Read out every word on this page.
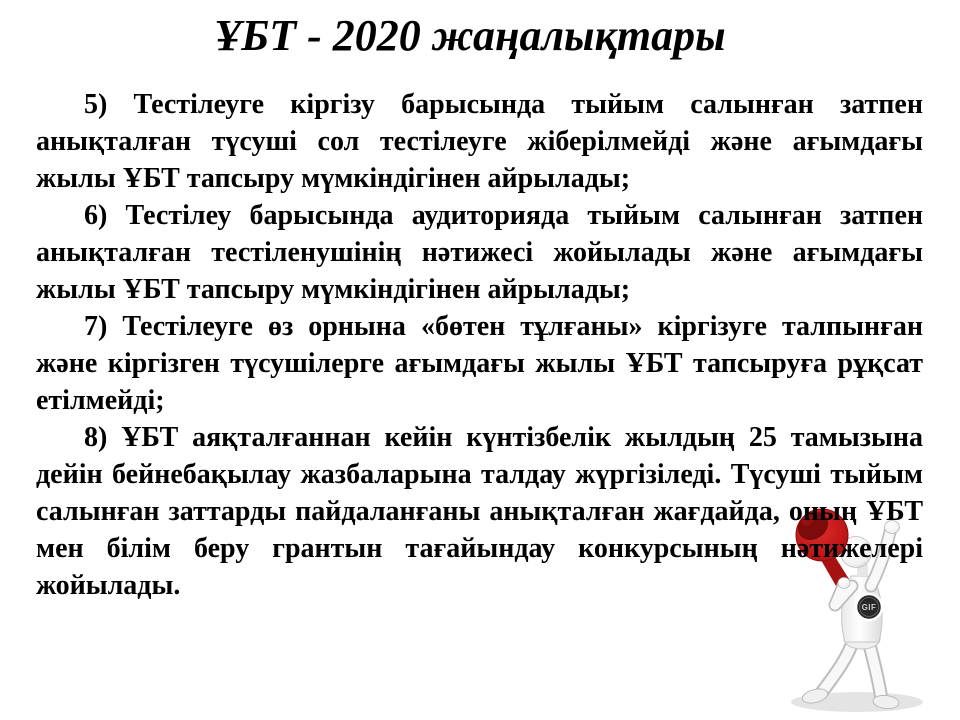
ҰБТ - 2020 жаңалықтары

5) Тестілеуге кіргізу барысында тыйым салынған затпен анықталған түсуші сол тестілеуге жіберілмейді және ағымдағы жылы ҰБТ тапсыру мүмкіндігінен айрылады;

6) Тестілеу барысында аудиторияда тыйым салынған затпен анықталған тестіленушінің нәтижесі жойылады және ағымдағы жылы ҰБТ тапсыру мүмкіндігінен айрылады;

7) Тестілеуге өз орнына «бөтен тұлғаны» кіргізуге талпынған және кіргізген түсушілерге ағымдағы жылы ҰБТ тапсыруға рұқсат етілмейді;

8) ҰБТ аяқталғаннан кейін күнтізбелік жылдың 25 тамызына дейін бейнебақылау жазбаларына талдау жүргізіледі. Түсуші тыйым салынған заттарды пайдаланғаны анықталған жағдайда, оның ҰБТ мен білім беру грантын тағайындау конкурсының нәтижелері жойылады.

GIF
